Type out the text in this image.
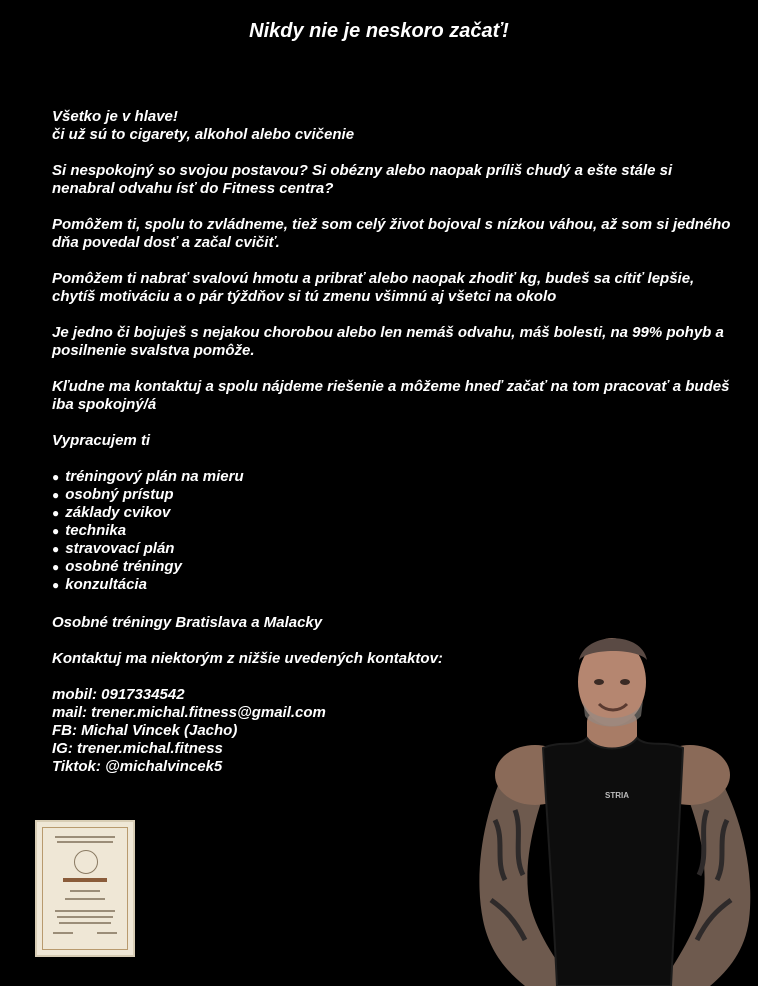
Nikdy nie je neskoro začať!

Všetko je v hlave!
či už sú to cigarety, alkohol alebo cvičenie

Si nespokojný so svojou postavou? Si obézny alebo naopak príliš chudý a ešte stále si nenabral odvahu ísť do Fitness centra?

Pomôžem ti, spolu to zvládneme, tiež som celý život bojoval s nízkou váhou, až som si jedného dňa povedal dosť a začal cvičiť.

Pomôžem ti nabrať svalovú hmotu a pribrať alebo naopak zhodiť kg, budeš sa cítiť lepšie, chytíš motiváciu a o pár týždňov si tú zmenu všimnú aj všetci na okolo

Je jedno či bojuješ s nejakou chorobou alebo len nemáš odvahu, máš bolesti, na 99% pohyb a posilnenie svalstva pomôže.

Kľudne ma kontaktuj a spolu nájdeme riešenie a môžeme hneď začať na tom pracovať a budeš iba spokojný/á

Vypracujem ti

● tréningový plán na mieru
● osobný prístup
● základy cvikov
● technika
● stravovací plán
● osobné tréningy
● konzultácia

Osobné tréningy Bratislava a Malacky

Kontaktuj ma niektorým z nižšie uvedených kontaktov:

mobil: 0917334542
mail: trener.michal.fitness@gmail.com
FB: Michal Vincek (Jacho)
IG: trener.michal.fitness
Tiktok: @michalvincek5
STRIA
